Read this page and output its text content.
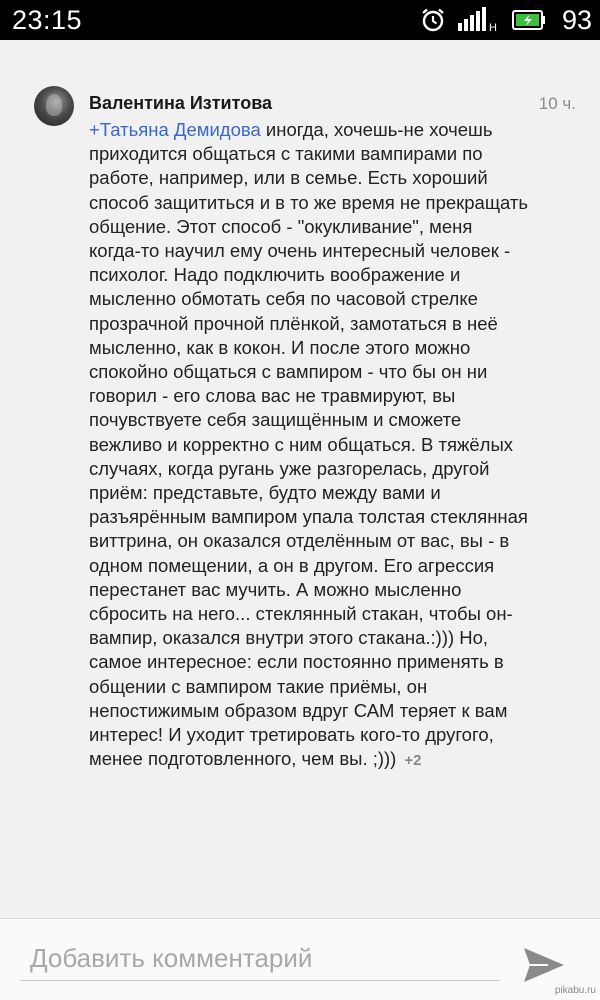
23:15	H 93
Валентина Изтитова	10 ч.
+Татьяна Демидова иногда, хочешь-не хочешь приходится общаться с такими вампирами по работе, например, или в семье. Есть хороший способ защититься и в то же время не прекращать общение. Этот способ - "окукливание", меня когда-то научил ему очень интересный человек - психолог. Надо подключить воображение и мысленно обмотать себя по часовой стрелке прозрачной прочной плёнкой, замотаться в неё мысленно, как в кокон. И после этого можно спокойно общаться с вампиром - что бы он ни говорил - его слова вас не травмируют, вы почувствуете себя защищённым и сможете вежливо и корректно с ним общаться. В тяжёлых случаях, когда ругань уже разгорелась, другой приём: представьте, будто между вами и разъярённым вампиром упала толстая стеклянная виттрина, он оказался отделённым от вас, вы - в одном помещении, а он в другом. Его агрессия перестанет вас мучить. А можно мысленно сбросить на него... стеклянный стакан, чтобы он-вампир, оказался внутри этого стакана.:))) Но, самое интересное: если постоянно применять в общении с вампиром такие приёмы, он непостижимым образом вдруг САМ теряет к вам интерес! И уходит третировать кого-то другого, менее подготовленного, чем вы. ;))) +2
Добавить комментарий
pikabu.ru
